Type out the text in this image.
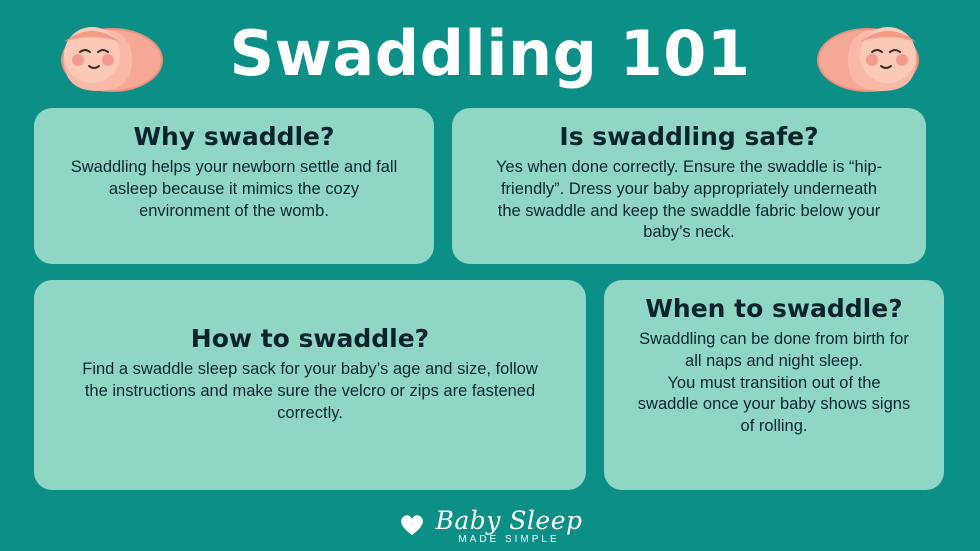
Swaddling 101
Why swaddle?

Swaddling helps your newborn settle and fall
asleep because it mimics the cozy
environment of the womb.

Is swaddling safe?

Yes when done correctly. Ensure the swaddle is “hip-
friendly”. Dress your baby appropriately underneath
the swaddle and keep the swaddle fabric below your
baby’s neck.

How to swaddle?

Find a swaddle sleep sack for your baby’s age and size, follow
the instructions and make sure the velcro or zips are fastened
correctly.

When to swaddle?

Swaddling can be done from birth for
all naps and night sleep.
You must transition out of the
swaddle once your baby shows signs
of rolling.

Baby Sleep
MADE SIMPLE
